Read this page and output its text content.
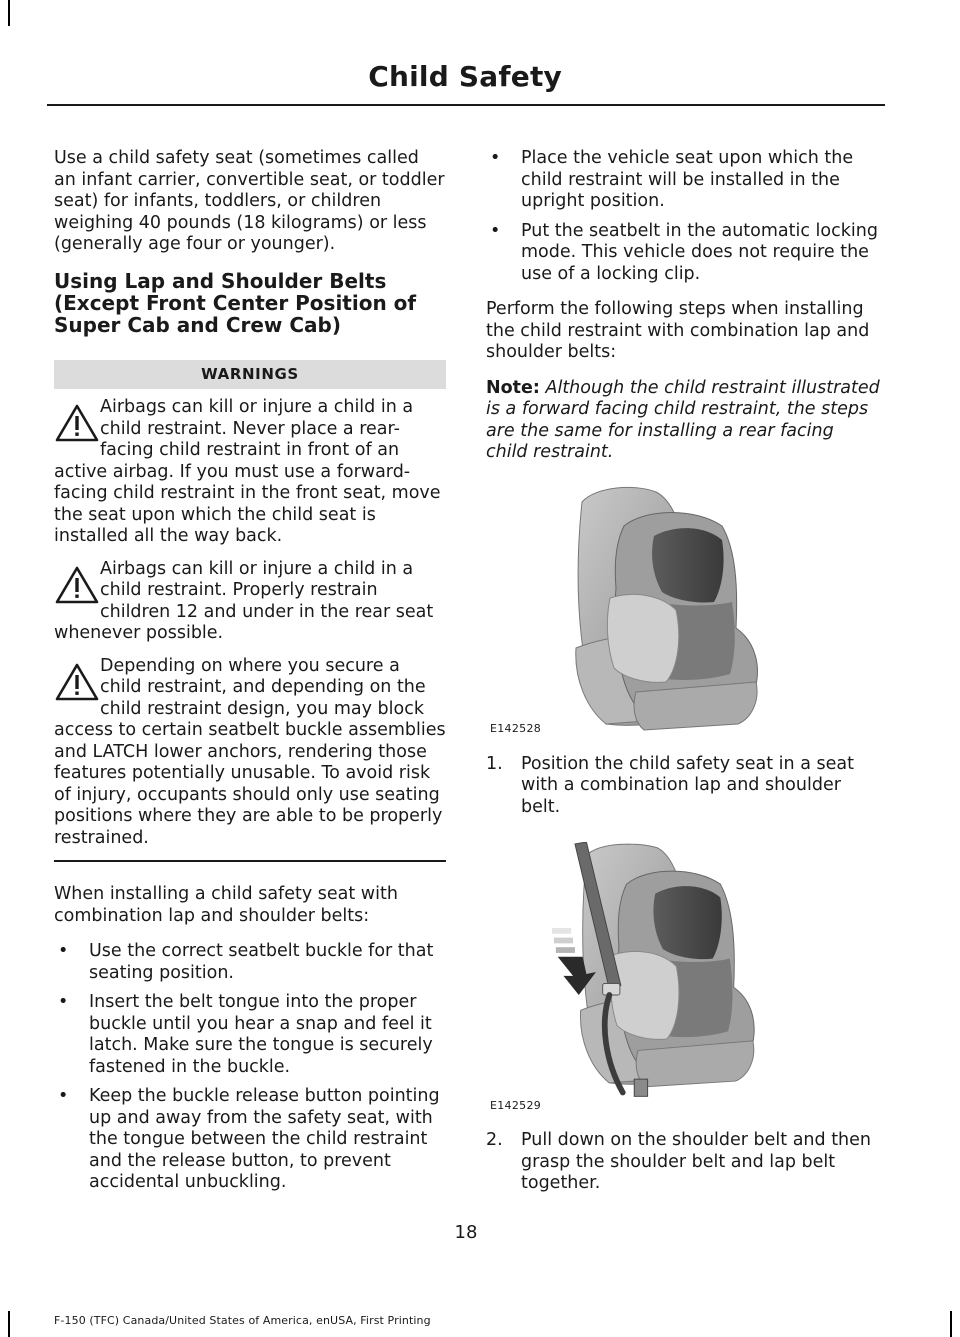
Child Safety

Use a child safety seat (sometimes called an infant carrier, convertible seat, or toddler seat) for infants, toddlers, or children weighing 40 pounds (18 kilograms) or less (generally age four or younger).

Using Lap and Shoulder Belts (Except Front Center Position of Super Cab and Crew Cab)
WARNINGS
Airbags can kill or injure a child in a child restraint. Never place a rear-facing child restraint in front of an active airbag. If you must use a forward-facing child restraint in the front seat, move the seat upon which the child seat is installed all the way back.
Airbags can kill or injure a child in a child restraint. Properly restrain children 12 and under in the rear seat whenever possible.
Depending on where you secure a child restraint, and depending on the child restraint design, you may block access to certain seatbelt buckle assemblies and LATCH lower anchors, rendering those features potentially unusable. To avoid risk of injury, occupants should only use seating positions where they are able to be properly restrained.

When installing a child safety seat with combination lap and shoulder belts:

• Use the correct seatbelt buckle for that seating position.
• Insert the belt tongue into the proper buckle until you hear a snap and feel it latch. Make sure the tongue is securely fastened in the buckle.
• Keep the buckle release button pointing up and away from the safety seat, with the tongue between the child restraint and the release button, to prevent accidental unbuckling.
• Place the vehicle seat upon which the child restraint will be installed in the upright position.
• Put the seatbelt in the automatic locking mode. This vehicle does not require the use of a locking clip.

Perform the following steps when installing the child restraint with combination lap and shoulder belts:

Note: Although the child restraint illustrated is a forward facing child restraint, the steps are the same for installing a rear facing child restraint.

E142528
1. Position the child safety seat in a seat with a combination lap and shoulder belt.
E142529
2. Pull down on the shoulder belt and then grasp the shoulder belt and lap belt together.
18
F-150 (TFC) Canada/United States of America, enUSA, First Printing
